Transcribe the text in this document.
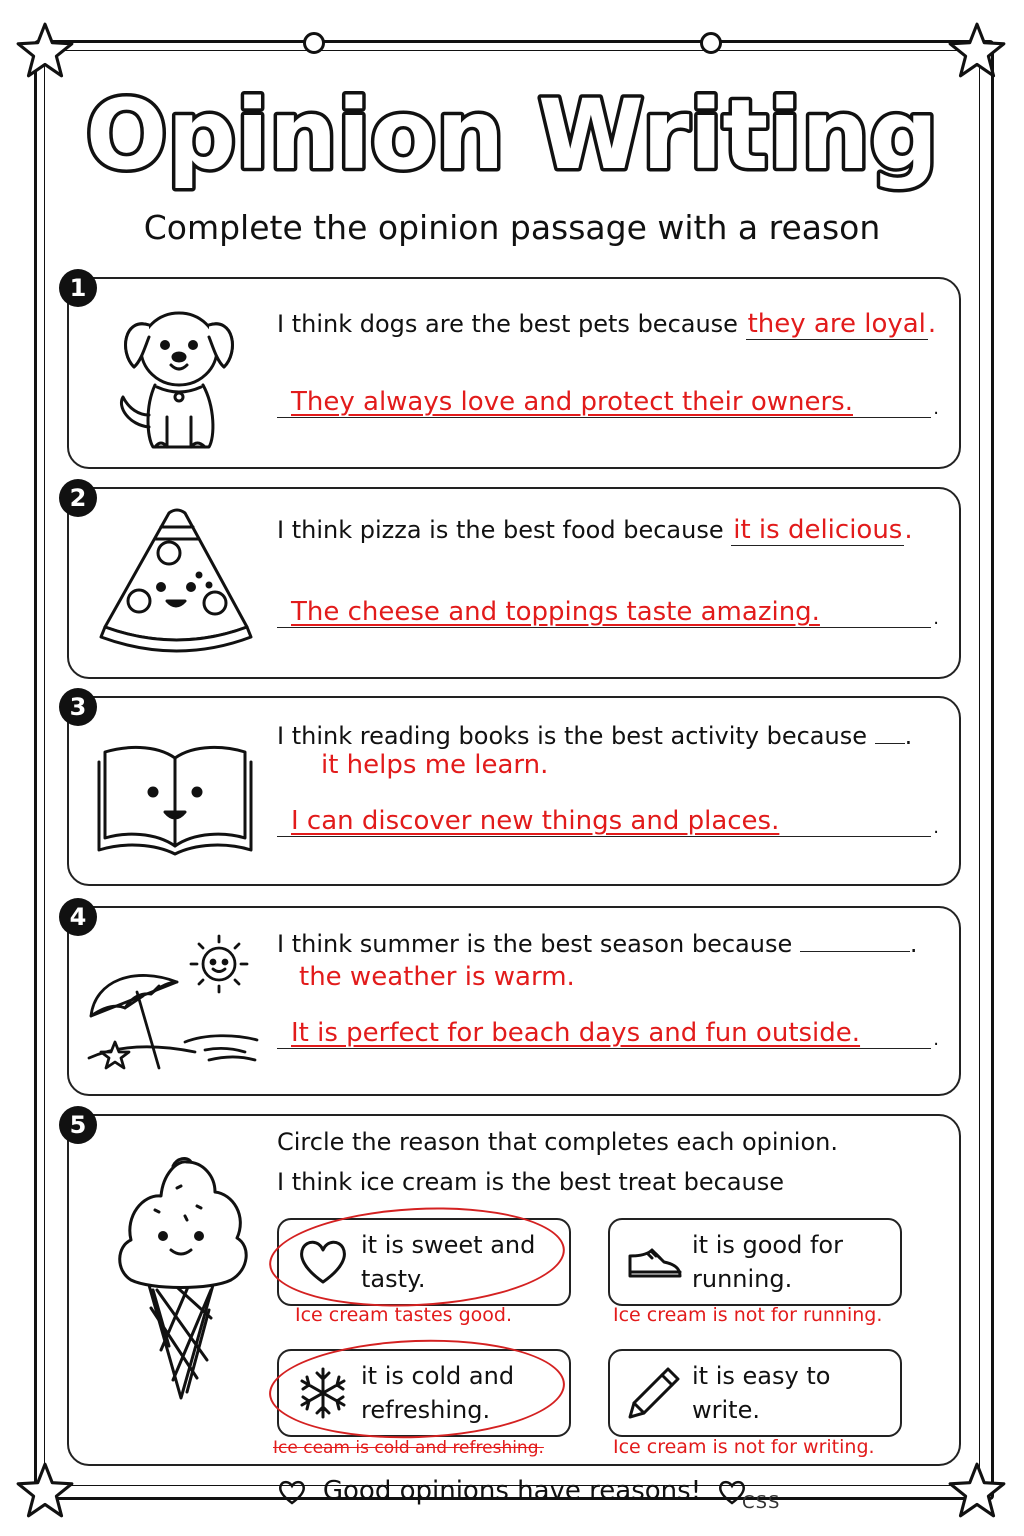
Opinion Writing
Complete the opinion passage with a reason
1
I think dogs are the best pets because they are loyal.
They always love and protect their owners. .
2
I think pizza is the best food because it is delicious.
The cheese and toppings taste amazing. .
3
I think reading books is the best activity because .
it helps me learn.
I can discover new things and places. .
4
I think summer is the best season because	.
the weather is warm.
It is perfect for beach days and fun outside. .
5
Circle the reason that completes each opinion.
I think ice cream is the best treat because
it is sweet and tasty.
Ice cream tastes good.
it is good for running.
Ice cream is not for running.
it is cold and refreshing.
Ice ceam is cold and refreshing.
it is easy to write.
Ice cream is not for writing.
Good opinions have reasons!	CSS
